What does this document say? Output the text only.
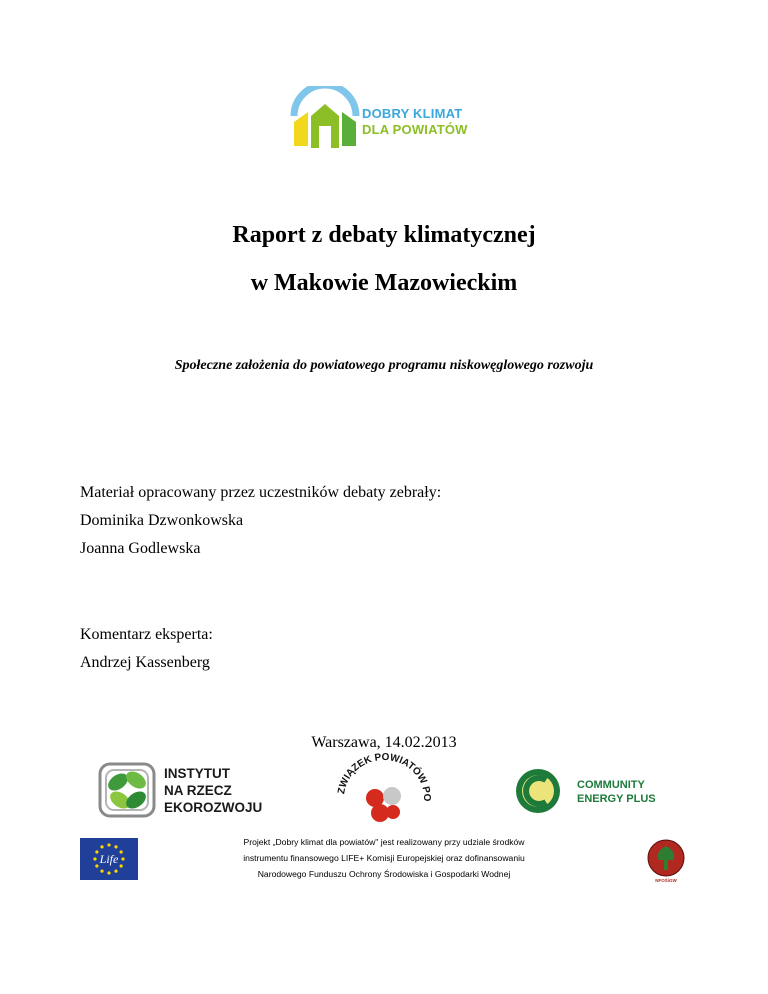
DOBRY KLIMAT
DLA POWIATÓW
Raport z debaty klimatycznej
w Makowie Mazowieckim
Społeczne założenia do powiatowego programu niskowęglowego rozwoju
Materiał opracowany przez uczestników debaty zebrały:
Dominika Dzwonkowska
Joanna Godlewska
Komentarz eksperta:
Andrzej Kassenberg
Warszawa, 14.02.2013
INSTYTUT
NA RZECZ
EKOROZWOJU
ZWIĄZEK POWIATÓW PO
COMMUNITY
ENERGY PLUS
Life
Projekt „Dobry klimat dla powiatów" jest realizowany przy udziale środków
instrumentu finansowego LIFE+ Komisji Europejskiej oraz dofinansowaniu
Narodowego Funduszu Ochrony Środowiska i Gospodarki Wodnej
NFOŚiGW
